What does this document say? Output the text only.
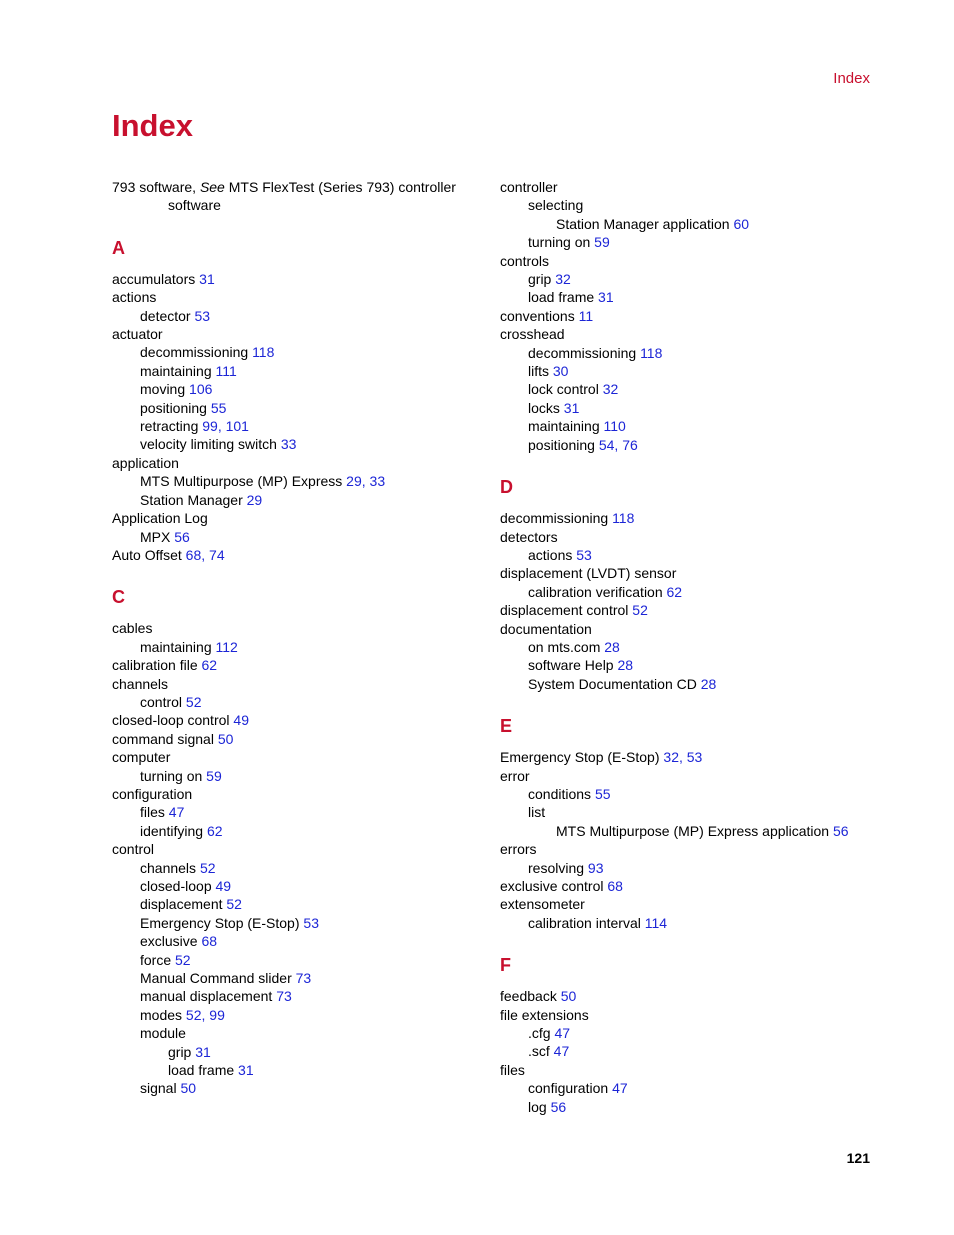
Index
Index
793 software, See MTS FlexTest (Series 793) controller
software
A
accumulators 31
actions
detector 53
actuator
decommissioning 118
maintaining 111
moving 106
positioning 55
retracting 99, 101
velocity limiting switch 33
application
MTS Multipurpose (MP) Express 29, 33
Station Manager 29
Application Log
MPX 56
Auto Offset 68, 74
C
cables
maintaining 112
calibration file 62
channels
control 52
closed-loop control 49
command signal 50
computer
turning on 59
configuration
files 47
identifying 62
control
channels 52
closed-loop 49
displacement 52
Emergency Stop (E-Stop) 53
exclusive 68
force 52
Manual Command slider 73
manual displacement 73
modes 52, 99
module
grip 31
load frame 31
signal 50
controller
selecting
Station Manager application 60
turning on 59
controls
grip 32
load frame 31
conventions 11
crosshead
decommissioning 118
lifts 30
lock control 32
locks 31
maintaining 110
positioning 54, 76
D
decommissioning 118
detectors
actions 53
displacement (LVDT) sensor
calibration verification 62
displacement control 52
documentation
on mts.com 28
software Help 28
System Documentation CD 28
E
Emergency Stop (E-Stop) 32, 53
error
conditions 55
list
MTS Multipurpose (MP) Express application 56
errors
resolving 93
exclusive control 68
extensometer
calibration interval 114
F
feedback 50
file extensions
.cfg 47
.scf 47
files
configuration 47
log 56
121
